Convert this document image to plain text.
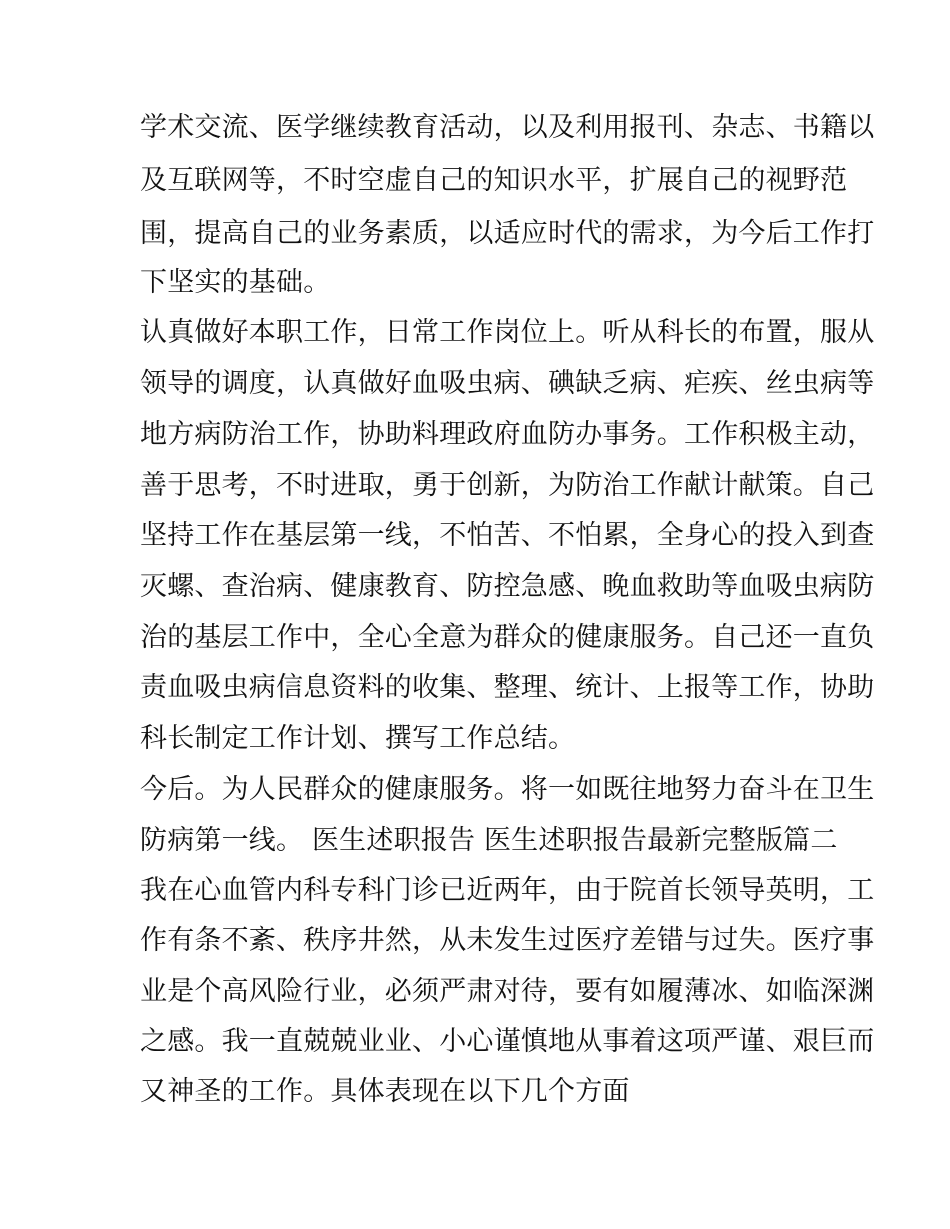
学术交流、医学继续教育活动，以及利用报刊、杂志、书籍以
及互联网等，不时空虚自己的知识水平，扩展自己的视野范
围，提高自己的业务素质，以适应时代的需求，为今后工作打
下坚实的基础。
认真做好本职工作，日常工作岗位上。听从科长的布置，服从
领导的调度，认真做好血吸虫病、碘缺乏病、疟疾、丝虫病等
地方病防治工作，协助料理政府血防办事务。工作积极主动，
善于思考，不时进取，勇于创新，为防治工作献计献策。自己
坚持工作在基层第一线，不怕苦、不怕累，全身心的投入到查
灭螺、查治病、健康教育、防控急感、晚血救助等血吸虫病防
治的基层工作中，全心全意为群众的健康服务。自己还一直负
责血吸虫病信息资料的收集、整理、统计、上报等工作，协助
科长制定工作计划、撰写工作总结。
今后。为人民群众的健康服务。将一如既往地努力奋斗在卫生
防病第一线。 医生述职报告 医生述职报告最新完整版篇二
我在心血管内科专科门诊已近两年，由于院首长领导英明，工
作有条不紊、秩序井然，从未发生过医疗差错与过失。医疗事
业是个高风险行业，必须严肃对待，要有如履薄冰、如临深渊
之感。我一直兢兢业业、小心谨慎地从事着这项严谨、艰巨而
又神圣的工作。具体表现在以下几个方面
